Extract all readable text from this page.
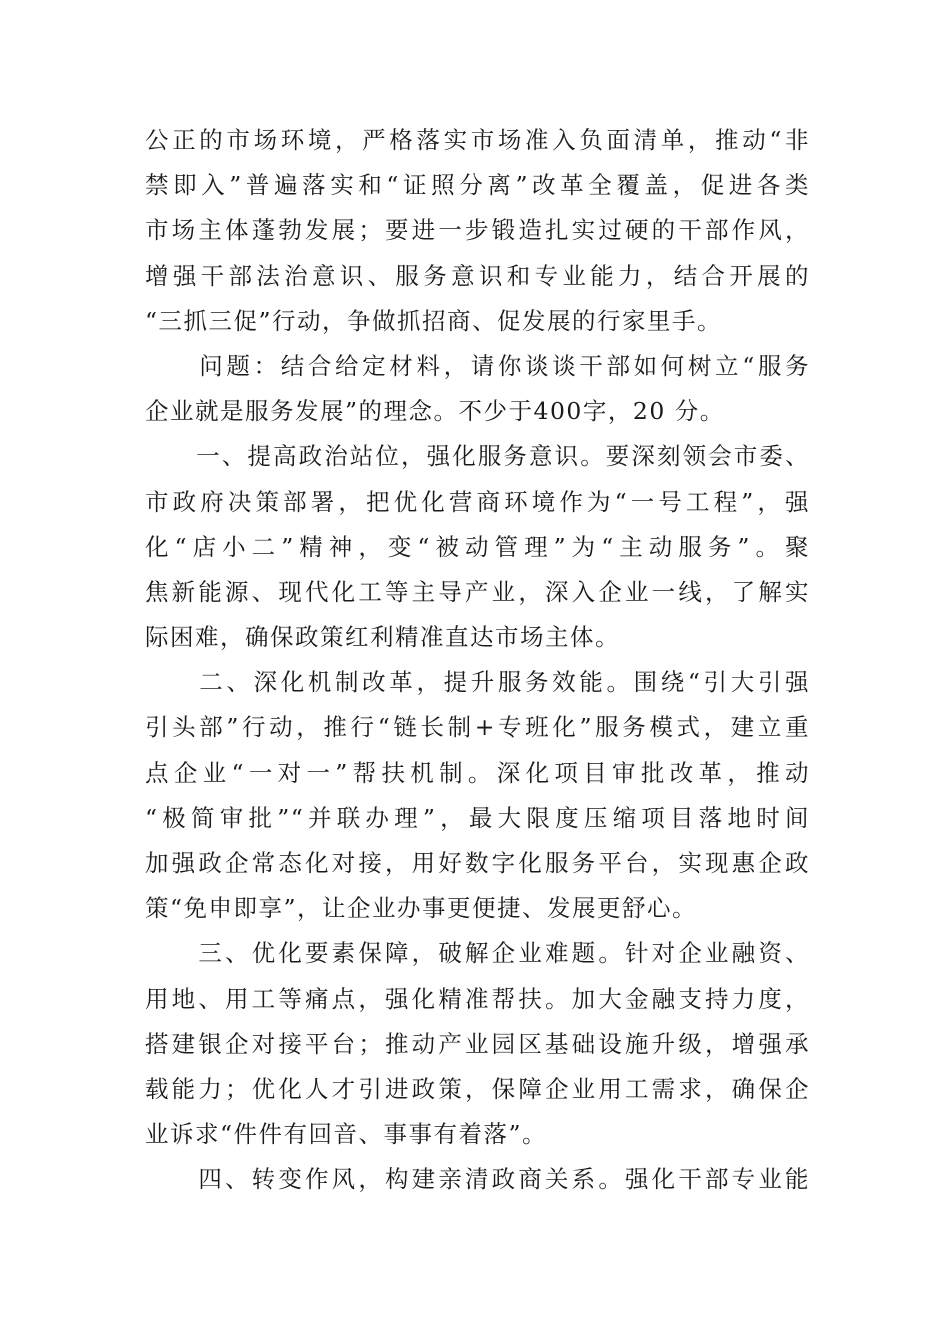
公正的市场环境，严格落实市场准入负面清单，推动“非
禁即入”普遍落实和“证照分离”改革全覆盖，促进各类
市场主体蓬勃发展；要进一步锻造扎实过硬的干部作风，
增强干部法治意识、服务意识和专业能力，结合开展的
“三抓三促”行动，争做抓招商、促发展的行家里手。
　　问题：结合给定材料，请你谈谈干部如何树立“服务
企业就是服务发展”的理念。不少于400字，20 分。
　　一、提高政治站位，强化服务意识。要深刻领会市委、
市政府决策部署，把优化营商环境作为“一号工程”，强
化“店小二”精神，变“被动管理”为“主动服务”。聚
焦新能源、现代化工等主导产业，深入企业一线，了解实
际困难，确保政策红利精准直达市场主体。
　　二、深化机制改革，提升服务效能。围绕“引大引强
引头部”行动，推行“链长制+专班化”服务模式，建立重
点企业“一对一”帮扶机制。深化项目审批改革，推动
“极简审批”“并联办理”，最大限度压缩项目落地时间
加强政企常态化对接，用好数字化服务平台，实现惠企政
策“免申即享”，让企业办事更便捷、发展更舒心。
　　三、优化要素保障，破解企业难题。针对企业融资、
用地、用工等痛点，强化精准帮扶。加大金融支持力度，
搭建银企对接平台；推动产业园区基础设施升级，增强承
载能力；优化人才引进政策，保障企业用工需求，确保企
业诉求“件件有回音、事事有着落”。
　　四、转变作风，构建亲清政商关系。强化干部专业能
